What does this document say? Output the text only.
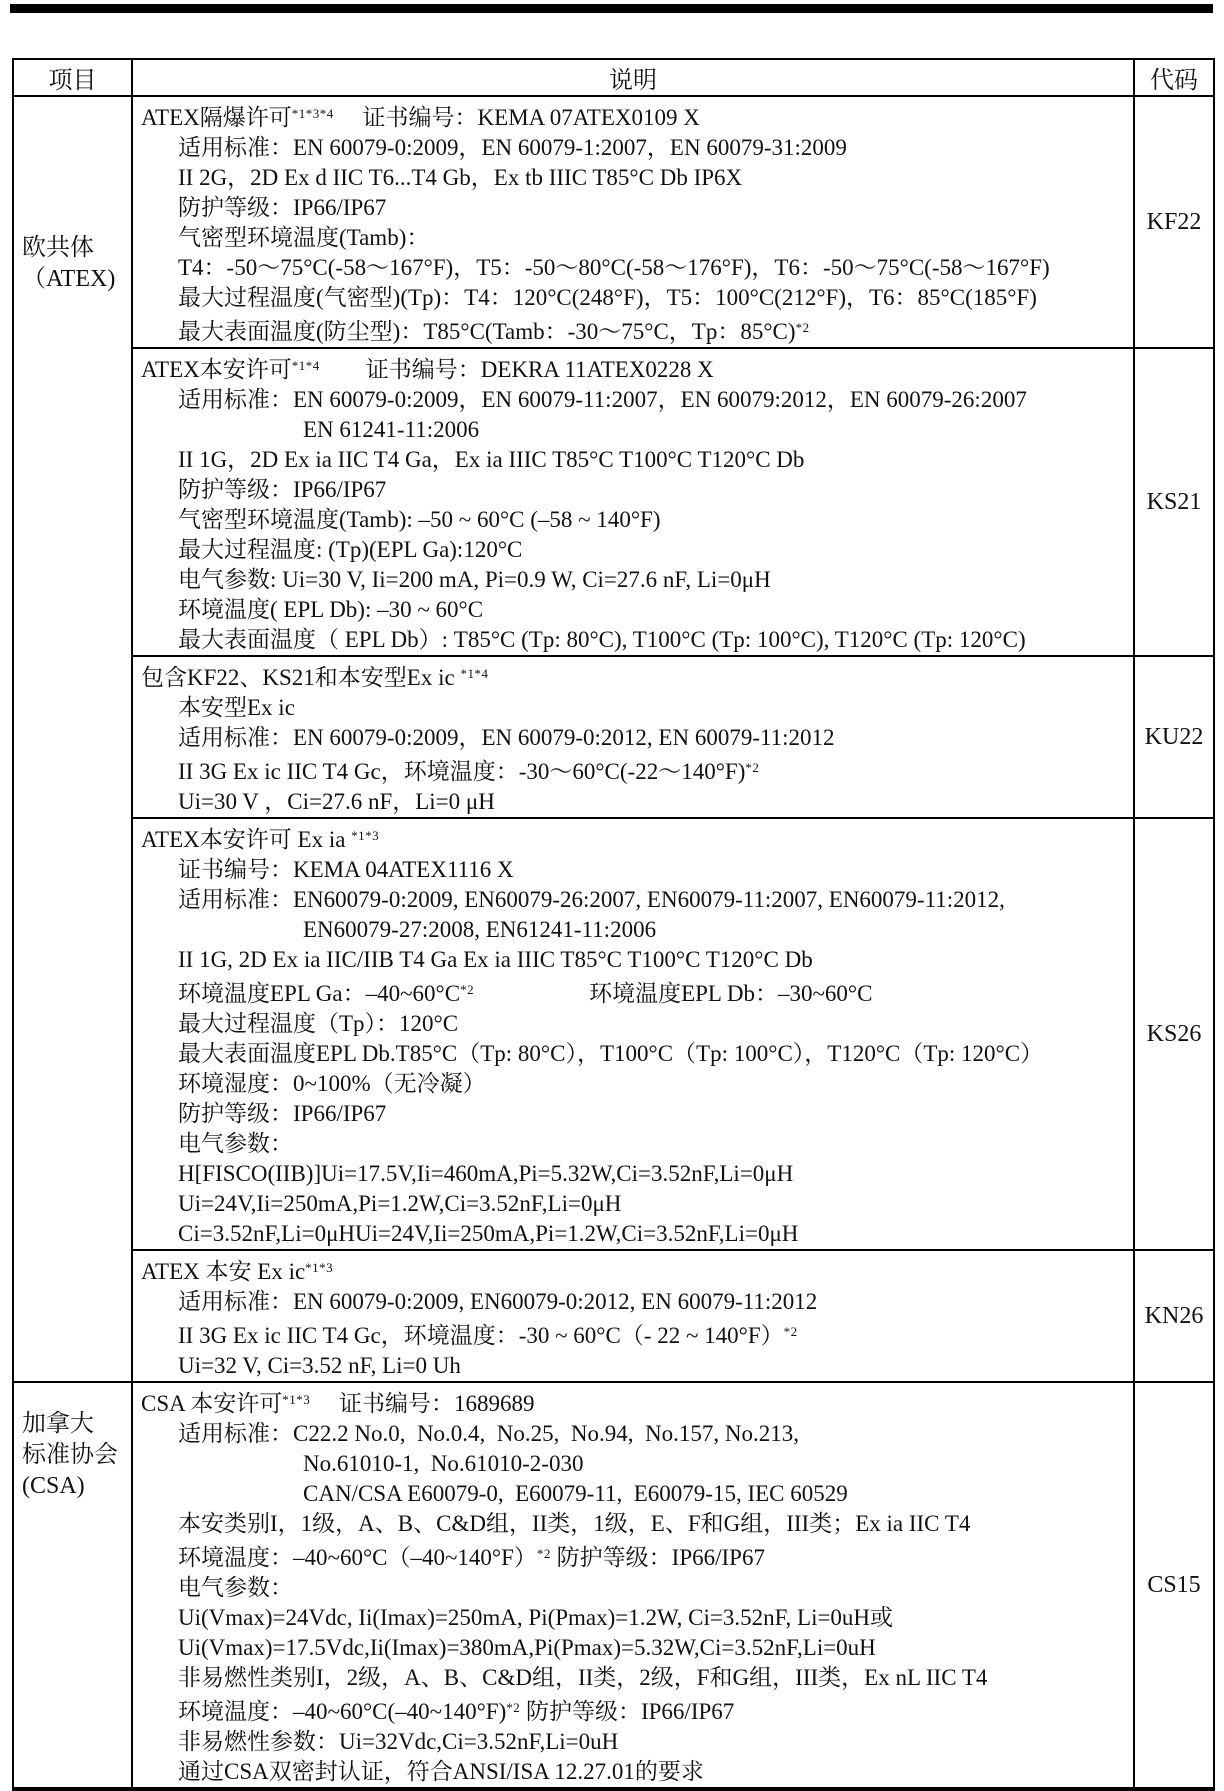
项目	说明	代码

欧共体
（ATEX)

ATEX隔爆许可$^{*1*3*4}$　 证书编号：KEMA 07ATEX0109 X
适用标准：EN 60079-0:2009，EN 60079-1:2007，EN 60079-31:2009
II 2G，2D Ex d IIC T6...T4 Gb，Ex tb IIIC T85°C Db IP6X
防护等级：IP66/IP67
气密型环境温度(Tamb)：
T4：-50～75°C(-58～167°F)，T5：-50～80°C(-58～176°F)，T6：-50～75°C(-58～167°F)
最大过程温度(气密型)(Tp)：T4：120°C(248°F)，T5：100°C(212°F)，T6：85°C(185°F)
最大表面温度(防尘型)：T85°C(Tamb：-30～75°C，Tp：85°C)$^{*2}$
	KF22

ATEX本安许可$^{*1*4}$　　证书编号：DEKRA 11ATEX0228 X
适用标准：EN 60079-0:2009，EN 60079-11:2007，EN 60079:2012，EN 60079-26:2007
EN 61241-11:2006
II 1G，2D Ex ia IIC T4 Ga，Ex ia IIIC T85°C T100°C T120°C Db
防护等级：IP66/IP67
气密型环境温度(Tamb): –50 ~ 60°C (–58 ~ 140°F)
最大过程温度: (Tp)(EPL Ga):120°C
电气参数: Ui=30 V, Ii=200 mA, Pi=0.9 W, Ci=27.6 nF, Li=0μH
环境温度( EPL Db): –30 ~ 60°C
最大表面温度（ EPL Db）: T85°C (Tp: 80°C), T100°C (Tp: 100°C), T120°C (Tp: 120°C)
	KS21

	包含KF22、KS21和本安型Ex ic $^{*1*4}$
本安型Ex ic
适用标准：EN 60079-0:2009，EN 60079-0:2012, EN 60079-11:2012
II 3G Ex ic IIC T4 Gc，环境温度：-30～60°C(-22～140°F)$^{*2}$
Ui=30 V ，Ci=27.6 nF，Li=0 μH	KU22

ATEX本安许可 Ex ia $^{*1*3}$
证书编号：KEMA 04ATEX1116 X
适用标准：EN60079-0:2009, EN60079-26:2007, EN60079-11:2007, EN60079-11:2012,
EN60079-27:2008, EN61241-11:2006
II 1G, 2D Ex ia IIC/IIB T4 Ga Ex ia IIIC T85°C T100°C T120°C Db
环境温度EPL Ga：$-40\sim 60^\circ C^{*2}$　　　　　环境温度EPL Db：–30~60°C
最大过程温度（Tp）：120°C
最大表面温度EPL Db.T85°C（Tp: 80°C），T100°C（Tp: 100°C），T120°C（Tp: 120°C）
环境湿度：0~100%（无冷凝）
防护等级：IP66/IP67
电气参数：
H[FISCO(IIB)]Ui=17.5V,Ii=460mA,Pi=5.32W,Ci=3.52nF,Li=0μH
Ui=24V,Ii=250mA,Pi=1.2W,Ci=3.52nF,Li=0μH
Ci=3.52nF,Li=0μHUi=24V,Ii=250mA,Pi=1.2W,Ci=3.52nF,Li=0μH
	KS26

	ATEX 本安 Ex $ic^{*1*3}$
适用标准：EN 60079-0:2009, EN60079-0:2012, EN 60079-11:2012
II 3G Ex ic IIC T4 Gc，环境温度：-30 ~ 60°C（- 22 ~ 140°F）$^{*2}$
Ui=32 V, Ci=3.52 nF, Li=0 Uh	KN26

加拿大
标准协会
(CSA)

CSA 本安许可$^{*1*3}$　 证书编号：1689689
适用标准：C22.2 No.0,  No.0.4,  No.25,  No.94,  No.157, No.213,
No.61010-1,  No.61010-2-030
CAN/CSA E60079-0,  E60079-11,  E60079-15, IEC 60529
本安类别I，1级，A、B、C&D组，II类，1级，E、F和G组，III类；Ex ia IIC T4
环境温度：–40~60°C（–40~140°F）$^{*2}$ 防护等级：IP66/IP67
电气参数：
Ui(Vmax)=24Vdc, Ii(Imax)=250mA, Pi(Pmax)=1.2W, Ci=3.52nF, Li=0uH或
Ui(Vmax)=17.5Vdc,Ii(Imax)=380mA,Pi(Pmax)=5.32W,Ci=3.52nF,Li=0uH
非易燃性类别I，2级，A、B、C&D组，II类，2级，F和G组，III类，Ex nL IIC T4
环境温度：–40~60°C(–40~140°F)$^{*2}$ 防护等级：IP66/IP67
非易燃性参数：Ui=32Vdc,Ci=3.52nF,Li=0uH
通过CSA双密封认证，符合ANSI/ISA 12.27.01的要求
	CS15
